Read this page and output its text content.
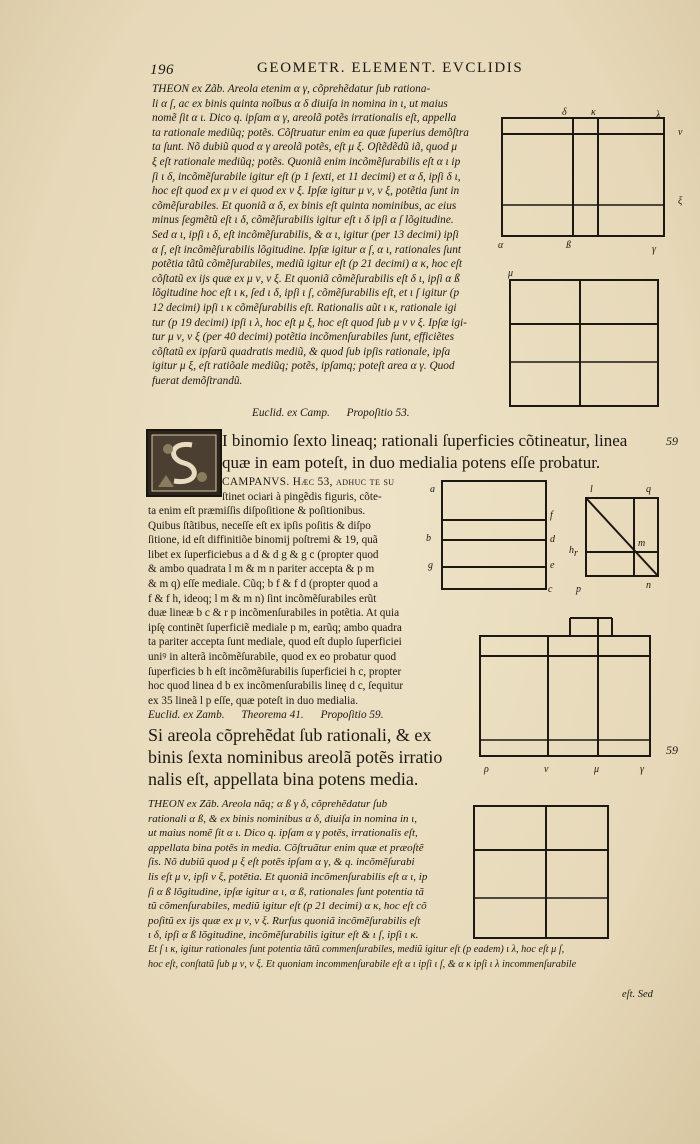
196	GEOMETR. ELEMENT. EVCLIDIS

THEON ex Zãb. Areola etenim α γ, cõprehẽdatur ſub rationa-

li α ſ, ac ex binis quinta noĩbus α δ diuiſa in nomina in ι, ut maius

nomẽ ſit α ι. Dico q. ipſam α γ, areolã potẽs irrationalis eſt, appella

ta rationale mediũq; potẽs. Cõſtruatur enim ea quæ ſuperius demõſtra

ta ſunt. Nõ dubiũ quod α γ areolã potẽs, eſt μ ξ. Oſtẽdẽdũ iã, quod μ

ξ eſt rationale mediũq; potẽs. Quoniã enim incõmẽſurabilis eſt α ι ip

ſi ι δ, incõmẽſurabile igitur eſt (p 1 ſexti, et 11 decimi) et α δ, ipſi δ ι,

hoc eſt quod ex μ ν ei quod ex ν ξ. Ipſæ igitur μ ν, ν ξ, potẽtia ſunt in

cõmẽſurabiles. Et quoniã α δ, ex binis eſt quinta nominibus, ac eius

minus ſegmẽtũ eſt ι δ, cõmẽſurabilis igitur eſt ι δ ipſi α ſ lõgitudine.

Sed α ι, ipſi ι δ, eſt incõmẽſurabilis, & α ι, igitur (per 13 decimi) ipſi

α ſ, eſt incõmẽſurabilis lõgitudine. Ipſæ igitur α ſ, α ι, rationales ſunt

potẽtia tãtũ cõmẽſurabiles, mediũ igitur eſt (p 21 decimi) α κ, hoc eſt

cõſtatũ ex ijs quæ ex μ ν, ν ξ. Et quoniã cõmẽſurabilis eſt δ ι, ipſi α ß

lõgitudine hoc eſt ι κ, ſed ι δ, ipſi ι ſ, cõmẽſurabilis eſt, et ι ſ igitur (p

12 decimi) ipſi ι κ cõmẽſurabilis eſt. Rationalis aũt ι κ, rationale igi

tur (p 19 decimi) ipſi ι λ, hoc eſt μ ξ, hoc eſt quod ſub μ ν ν ξ. Ipſæ igi-

tur μ ν, ν ξ (per 40 decimi) potẽtia incõmenſurabiles ſunt, efficiẽtes

cõſtatũ ex ipſarũ quadratis mediũ, & quod ſub ipſis rationale, ipſa

igitur μ ξ, eſt ratiõale mediũq; potẽs, ipſamq; poteſt area α γ. Quod

fuerat demõſtrandũ.

Euclid. ex Camp. Propoſitio 53.

I binomio ſexto lineaq; rationali ſuperficies cõtineatur, linea

quæ in eam poteſt, in duo medialia potens eſſe probatur.

CAMPANVS. Hæc 53, adhuc te ſu

ſtinet ociari à pingẽdis figuris, cõte-

ta enim eſt præmiſſis diſpoſitione & poſitionibus.

Quibus ſtãtibus, neceſſe eſt ex ipſis poſitis & diſpo

ſitione, id eſt diffinitiõe binomij poſtremi & 19, quã

libet ex ſuperficiebus a d & d g & g c (propter quod

& ambo quadrata l m & m n pariter accepta & p m

& m q) eſſe mediale. Cũq; b f & f d (propter quod a

f & f h, ideoq; l m & m n) ſint incõmẽſurabiles erũt

duæ lineæ b c & r p incõmenſurabiles in potẽtia. At quia

ipſę continẽt ſuperficiẽ mediale p m, earũq; ambo quadra

ta pariter accepta ſunt mediale, quod eſt duplo ſuperficiei

uniꝰ in alterã incõmẽſurabile, quod ex eo probatur quod

ſuperficies b h eſt incõmẽſurabilis ſuperficiei h c, propter

hoc quod linea d b ex incõmenſurabilis lineę d c, ſequitur

ex 35 lineã l p eſſe, quæ poteſt in duo medialia.

Euclid. ex Zamb. Theorema 41. Propoſitio 59.

Si areola cõprehẽdat ſub rationali, & ex

binis ſexta nominibus areolã potẽs irratio

nalis eſt, appellata bina potens media.

THEON ex Zãb. Areola nãq; α ß γ δ, cõprehẽdatur ſub

rationali α ß, & ex binis nominibus α δ, diuiſa in nomina in ι,

ut maius nomẽ ſit α ι. Dico q. ipſam α γ potẽs, irrationalis eſt,

appellata bina potẽs in media. Cõſtruãtur enim quæ et præoſtẽ

ſis. Nõ dubiũ quod μ ξ eſt potẽs ipſam α γ, & q. incõmẽſurabi

lis eſt μ ν, ipſi ν ξ, potẽtia. Et quoniã incõmenſurabilis eſt α ι, ip

ſi α ß lõgitudine, ipſæ igitur α ι, α ß, rationales ſunt potentia tã

tũ cõmenſurabiles, mediũ igitur eſt (p 21 decimi) α κ, hoc eſt cõ

poſitũ ex ijs quæ ex μ ν, ν ξ. Rurſus quoniã incõmẽſurabilis eſt

ι δ, ipſi α ß lõgitudine, incõmẽſurabilis igitur eſt & ι ſ, ipſi ι κ.

Et ſ ι κ, igitur rationales ſunt potentia tãtũ commenſurabiles, mediũ igitur eſt (p eadem) ι λ, hoc eſt μ ſ,

hoc eſt, conſtatũ ſub μ ν, ν ξ. Et quoniam incommenſurabile eſt α ι ipſi ι ſ, & α κ ipſi ι λ incommenſurabile

eſt. Sed
59
59
δ κ	λ
ν
ξ
α	ß
μ
γ
a
f
d
b
h
e
c
g
p
l	q
m
r
n
ρ	ν	μ	γ
